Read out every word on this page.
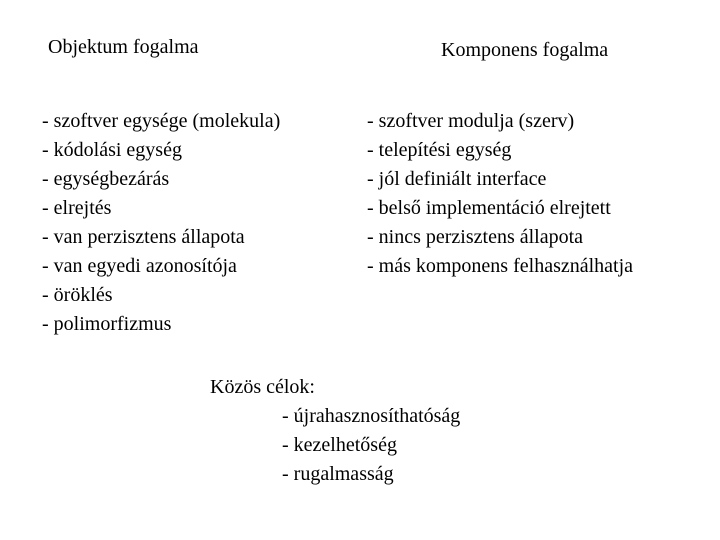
Objektum fogalma	Komponens fogalma
- szoftver egysége (molekula)
- kódolási egység
- egységbezárás
- elrejtés
- van perzisztens állapota
- van egyedi azonosítója
- öröklés
- polimorfizmus
- szoftver modulja (szerv)
- telepítési egység
- jól definiált interface
- belső implementáció elrejtett
- nincs perzisztens állapota
- más komponens felhasználhatja
Közös célok:
- újrahasznosíthatóság
- kezelhetőség
- rugalmasság
